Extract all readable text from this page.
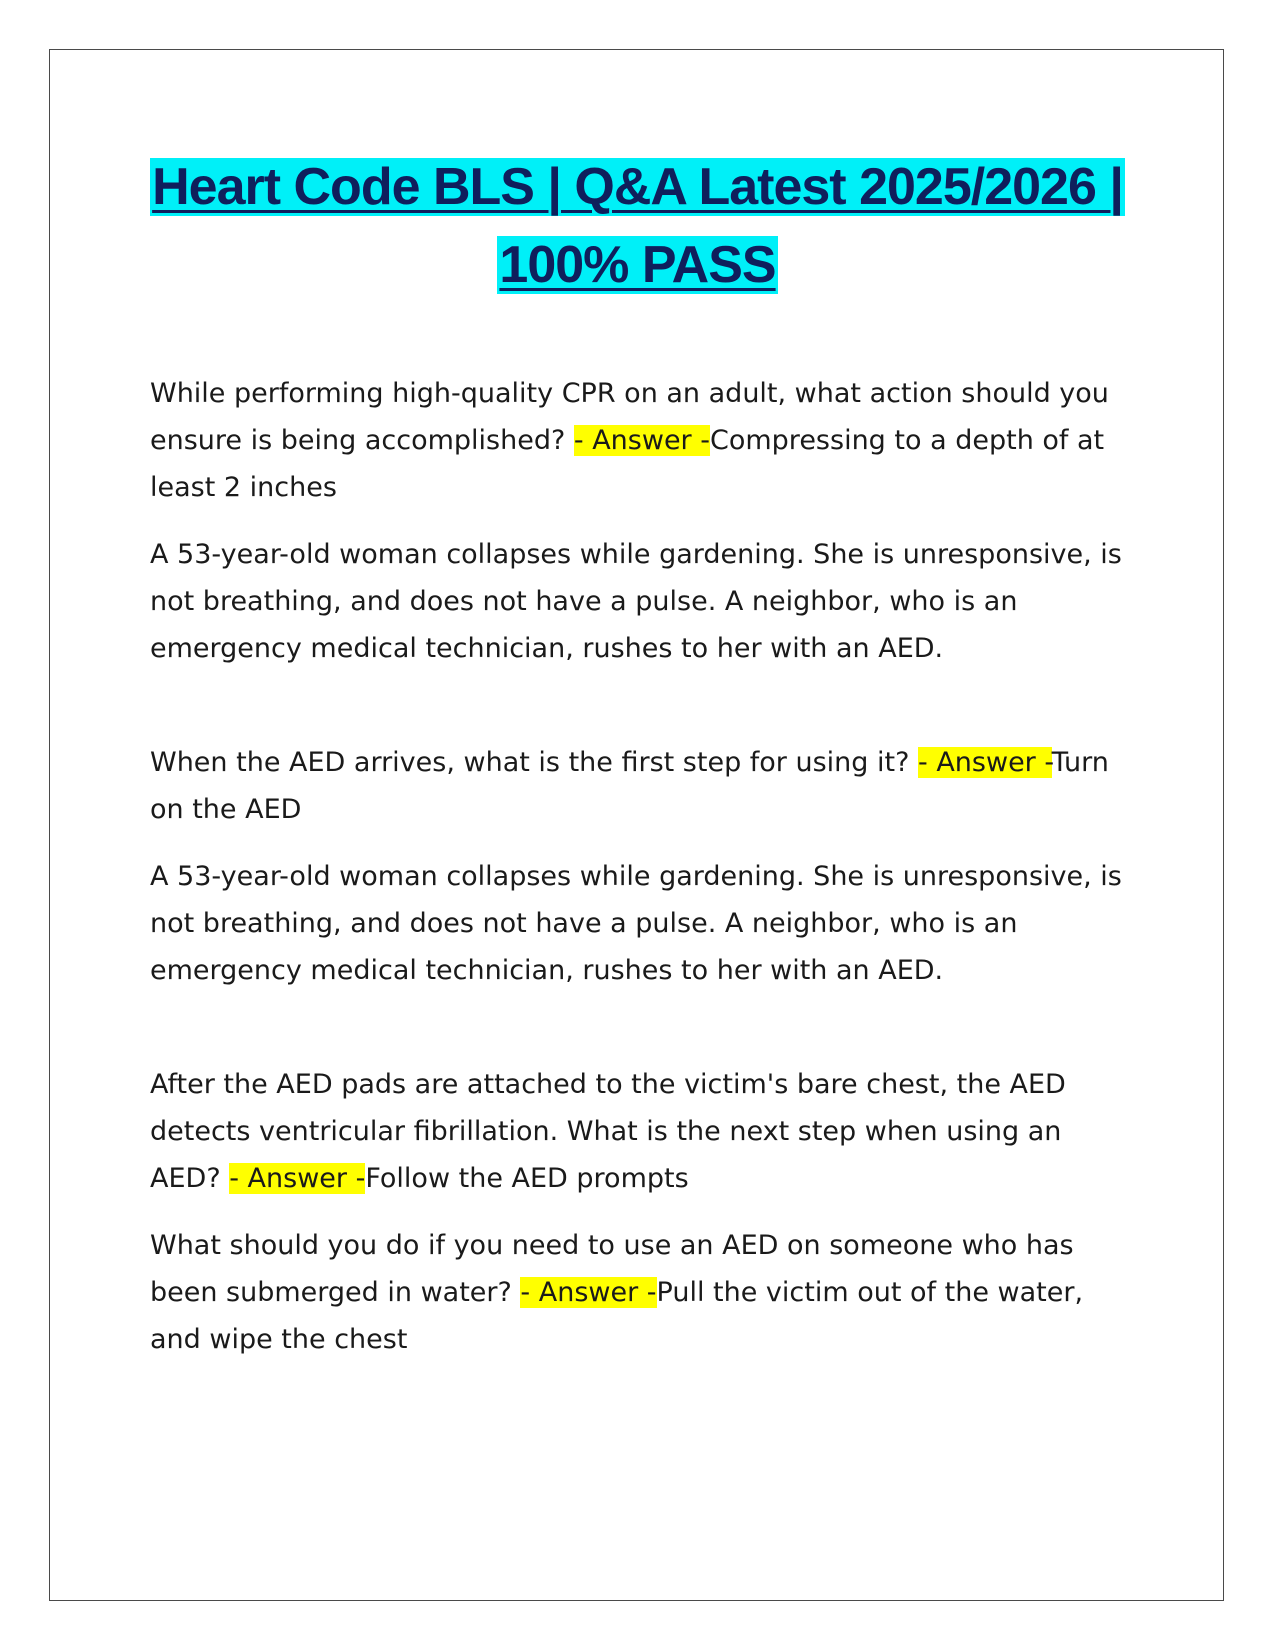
Heart Code BLS | Q&A Latest 2025/2026 | 100% PASS

While performing high-quality CPR on an adult, what action should you ensure is being accomplished? - Answer -Compressing to a depth of at least 2 inches

A 53-year-old woman collapses while gardening. She is unresponsive, is not breathing, and does not have a pulse. A neighbor, who is an emergency medical technician, rushes to her with an AED.

When the AED arrives, what is the first step for using it? - Answer -Turn on the AED

A 53-year-old woman collapses while gardening. She is unresponsive, is not breathing, and does not have a pulse. A neighbor, who is an emergency medical technician, rushes to her with an AED.

After the AED pads are attached to the victim's bare chest, the AED detects ventricular fibrillation. What is the next step when using an AED? - Answer -Follow the AED prompts

What should you do if you need to use an AED on someone who has been submerged in water? - Answer -Pull the victim out of the water, and wipe the chest
